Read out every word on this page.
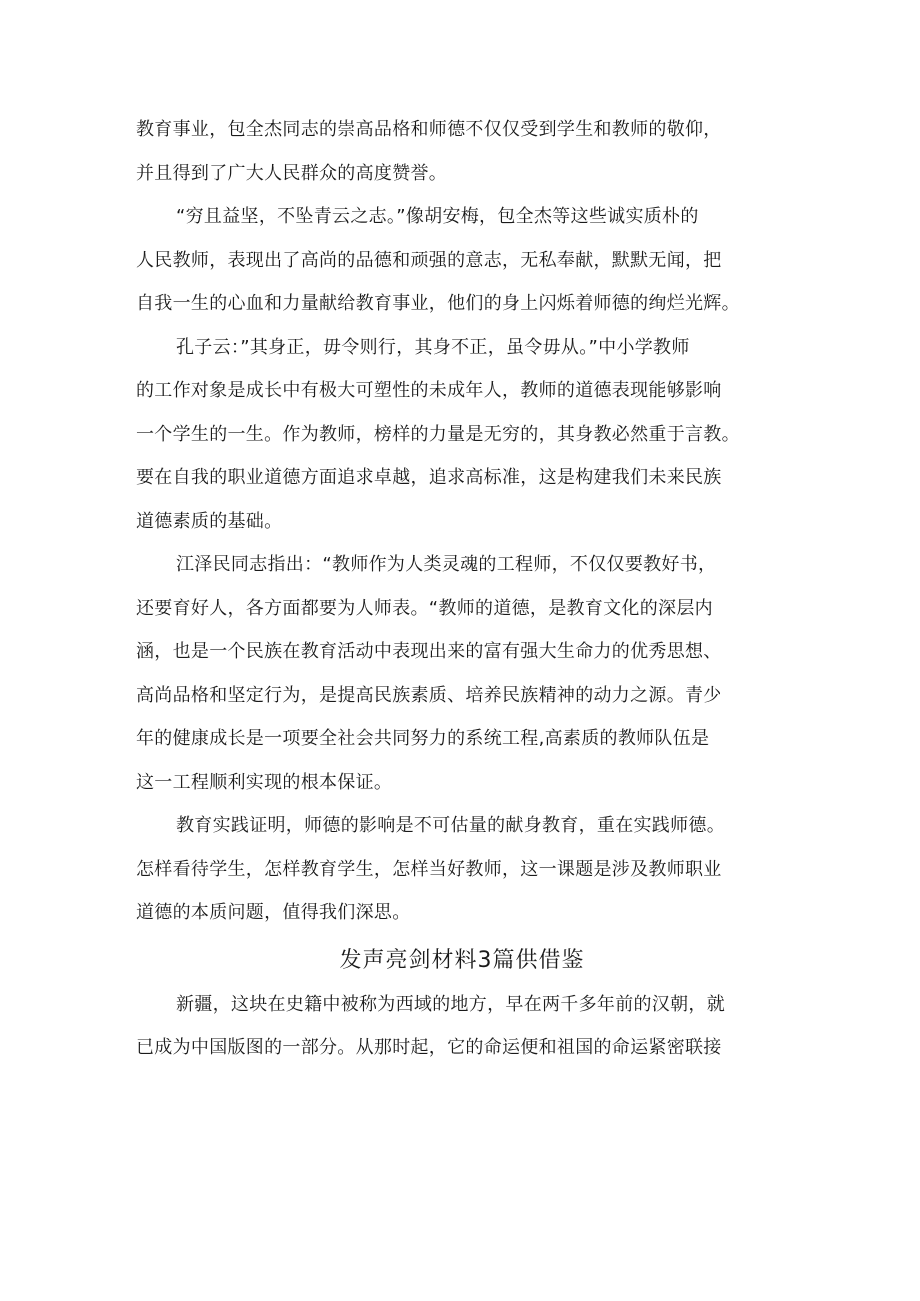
教育事业，包全杰同志的崇高品格和师德不仅仅受到学生和教师的敬仰，
并且得到了广大人民群众的高度赞誉。

“穷且益坚，不坠青云之志。”像胡安梅，包全杰等这些诚实质朴的
人民教师，表现出了高尚的品德和顽强的意志，无私奉献，默默无闻，把
自我一生的心血和力量献给教育事业，他们的身上闪烁着师德的绚烂光辉。

孔子云：”其身正，毋令则行，其身不正，虽令毋从。”中小学教师
的工作对象是成长中有极大可塑性的未成年人，教师的道德表现能够影响
一个学生的一生。作为教师，榜样的力量是无穷的，其身教必然重于言教。
要在自我的职业道德方面追求卓越，追求高标准，这是构建我们未来民族
道德素质的基础。

江泽民同志指出：“教师作为人类灵魂的工程师，不仅仅要教好书，
还要育好人，各方面都要为人师表。“教师的道德，是教育文化的深层内
涵，也是一个民族在教育活动中表现出来的富有强大生命力的优秀思想、
高尚品格和坚定行为，是提高民族素质、培养民族精神的动力之源。青少
年的健康成长是一项要全社会共同努力的系统工程,高素质的教师队伍是
这一工程顺利实现的根本保证。

教育实践证明，师德的影响是不可估量的献身教育，重在实践师德。
怎样看待学生，怎样教育学生，怎样当好教师，这一课题是涉及教师职业
道德的本质问题，值得我们深思。

发声亮剑材料3篇供借鉴

新疆，这块在史籍中被称为西域的地方，早在两千多年前的汉朝，就
已成为中国版图的一部分。从那时起，它的命运便和祖国的命运紧密联接
